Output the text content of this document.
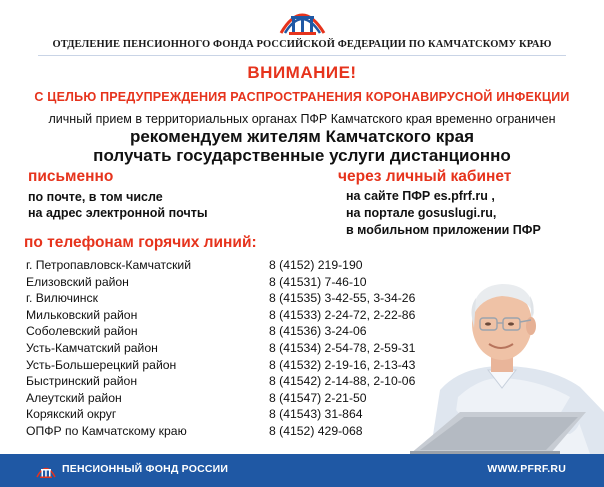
ОТДЕЛЕНИЕ ПЕНСИОННОГО ФОНДА РОССИЙСКОЙ ФЕДЕРАЦИИ ПО КАМЧАТСКОМУ КРАЮ
ВНИМАНИЕ!
С ЦЕЛЬЮ ПРЕДУПРЕЖДЕНИЯ РАСПРОСТРАНЕНИЯ КОРОНАВИРУСНОЙ ИНФЕКЦИИ
личный прием в территориальных органах ПФР Камчатского края временно ограничен
рекомендуем жителям Камчатского края
получать государственные услуги дистанционно
письменно
по почте, в том числе
на адрес электронной почты
через личный кабинет
на сайте ПФР es.pfrf.ru ,
на портале gosuslugi.ru,
в мобильном приложении ПФР
по телефонам горячих линий:
г. Петропавловск-Камчатский	8 (4152) 219-190
Елизовский район	8 (41531) 7-46-10
г. Вилючинск	8 (41535) 3-42-55, 3-34-26
Мильковский район	8 (41533) 2-24-72, 2-22-86
Соболевский район	8 (41536) 3-24-06
Усть-Камчатский район	8 (41534) 2-54-78, 2-59-31
Усть-Большерецкий район	8 (41532) 2-19-16, 2-13-43
Быстринский район	8 (41542) 2-14-88, 2-10-06
Алеутский район	8 (41547) 2-21-50
Корякский округ	8 (41543) 31-864
ОПФР по Камчатскому краю	8 (4152) 429-068
ПЕНСИОННЫЙ ФОНД РОССИИ	WWW.PFRF.RU
